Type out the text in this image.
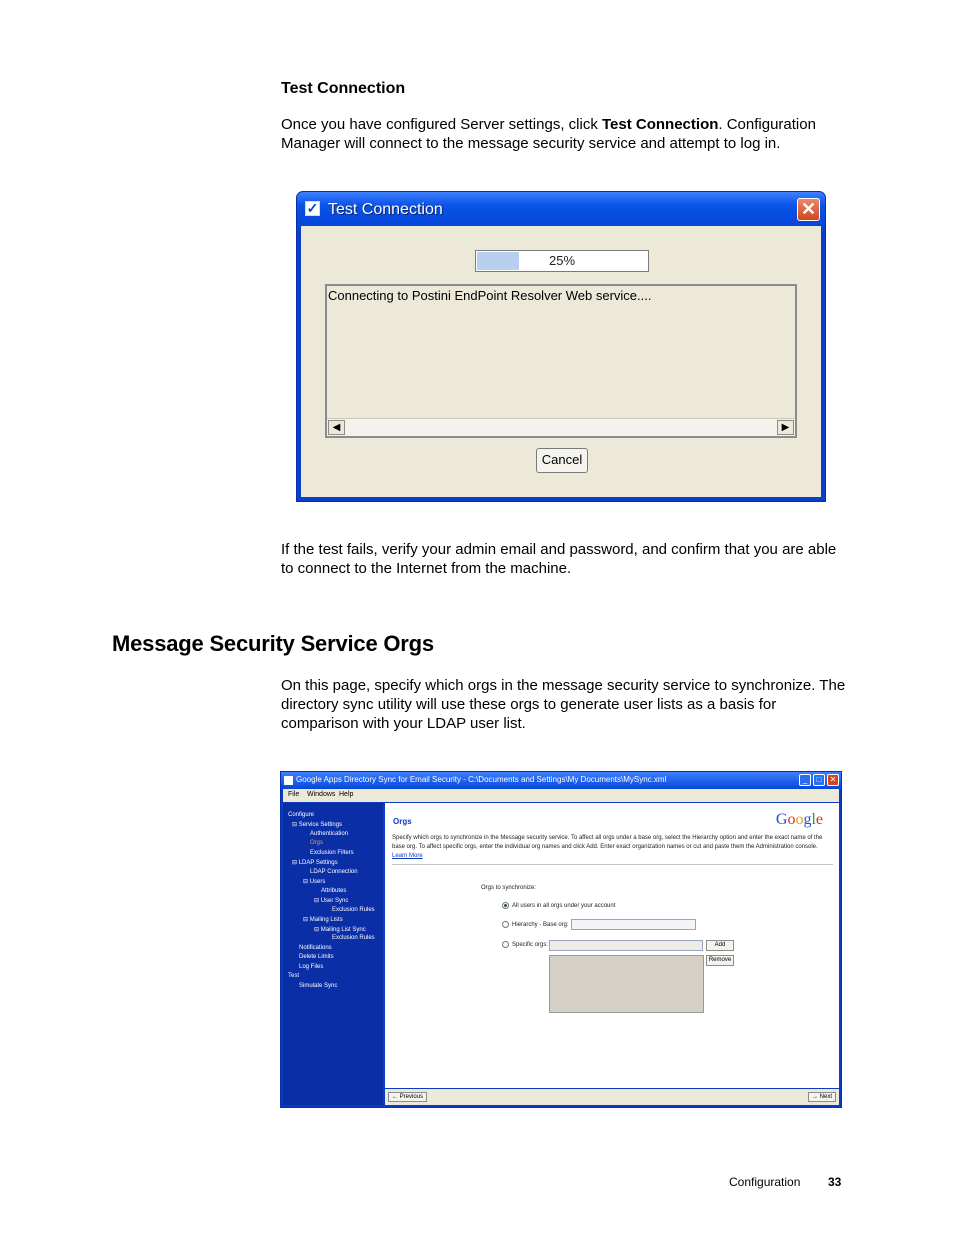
Test Connection

Once you have configured Server settings, click Test Connection. Configuration Manager will connect to the message security service and attempt to log in.

✓ Test Connection	✕
25%
Connecting to Postini EndPoint Resolver Web service....
◀	▶
Cancel

If the test fails, verify your admin email and password, and confirm that you are able to connect to the Internet from the machine.

Message Security Service Orgs

On this page, specify which orgs in the message security service to synchronize. The directory sync utility will use these orgs to generate user lists as a basis for comparison with your LDAP user list.

Google Apps Directory Sync for Email Security - C:\Documents and Settings\My Documents\MySync.xml	_	□	✕
File Windows Help
Configure
⊟ Service Settings
Authentication
Orgs
Exclusion Filters
⊟ LDAP Settings
LDAP Connection
⊟ Users
Attributes
⊟ User Sync
Exclusion Rules
⊟ Mailing Lists
⊟ Mailing List Sync
Exclusion Rules
Notifications
Delete Limits
Log Files
Test
Simulate Sync
Orgs	Google
Specify which orgs to synchronize in the Message security service. To affect all orgs under a base org, select the Hierarchy option and enter the exact name of the base org. To affect specific orgs, enter the individual org names and click Add. Enter exact organization names or cut and paste them the Administration console. Learn More
Orgs to synchronize:
All users in all orgs under your account
Hierarchy - Base org:
Specific orgs:	Add
Remove
← Previous	→ Next
Configuration 33
